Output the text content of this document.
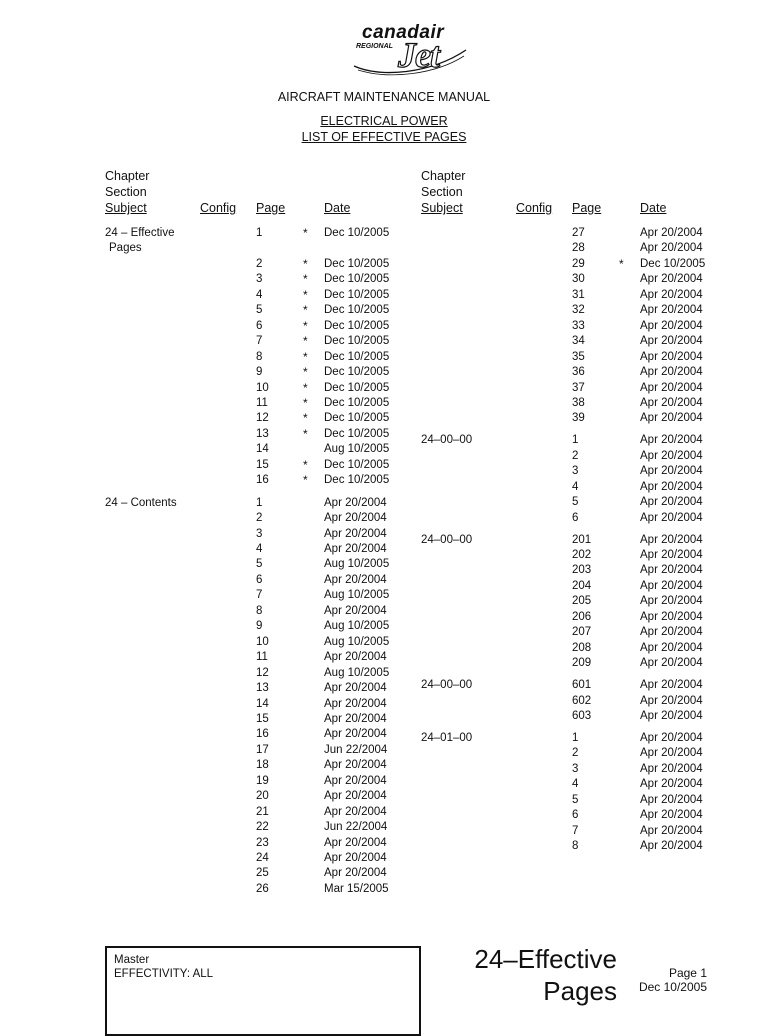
canadair
REGIONAL Jet
AIRCRAFT MAINTENANCE MANUAL
ELECTRICAL POWER
LIST OF EFFECTIVE PAGES
Chapter
Section
Subject	Config Page	Date
Chapter
Section
Subject	Config Page	Date
24 – Effective	1	* Dec 10/2005
Pages
2	* Dec 10/2005
3	* Dec 10/2005
4	* Dec 10/2005
5	* Dec 10/2005
6	* Dec 10/2005
7	* Dec 10/2005
8	* Dec 10/2005
9	* Dec 10/2005
10	* Dec 10/2005
11	* Dec 10/2005
12	* Dec 10/2005
13	* Dec 10/2005
14	Aug 10/2005
15	* Dec 10/2005
16	* Dec 10/2005
24 – Contents	1	Apr 20/2004
2	Apr 20/2004
3	Apr 20/2004
4	Apr 20/2004
5	Aug 10/2005
6	Apr 20/2004
7	Aug 10/2005
8	Apr 20/2004
9	Aug 10/2005
10	Aug 10/2005
11	Apr 20/2004
12	Aug 10/2005
13	Apr 20/2004
14	Apr 20/2004
15	Apr 20/2004
16	Apr 20/2004
17	Jun 22/2004
18	Apr 20/2004
19	Apr 20/2004
20	Apr 20/2004
21	Apr 20/2004
22	Jun 22/2004
23	Apr 20/2004
24	Apr 20/2004
25	Apr 20/2004
26	Mar 15/2005
27	Apr 20/2004
28	Apr 20/2004
29	* Dec 10/2005
30	Apr 20/2004
31	Apr 20/2004
32	Apr 20/2004
33	Apr 20/2004
34	Apr 20/2004
35	Apr 20/2004
36	Apr 20/2004
37	Apr 20/2004
38	Apr 20/2004
39	Apr 20/2004
24–00–00	1	Apr 20/2004
2	Apr 20/2004
3	Apr 20/2004
4	Apr 20/2004
5	Apr 20/2004
6	Apr 20/2004
24–00–00	201	Apr 20/2004
202	Apr 20/2004
203	Apr 20/2004
204	Apr 20/2004
205	Apr 20/2004
206	Apr 20/2004
207	Apr 20/2004
208	Apr 20/2004
209	Apr 20/2004
24–00–00	601	Apr 20/2004
602	Apr 20/2004
603	Apr 20/2004
24–01–00	1	Apr 20/2004
2	Apr 20/2004
3	Apr 20/2004
4	Apr 20/2004
5	Apr 20/2004
6	Apr 20/2004
7	Apr 20/2004
8	Apr 20/2004
Master
EFFECTIVITY: ALL	24–Effective
Pages
Page 1
Dec 10/2005
